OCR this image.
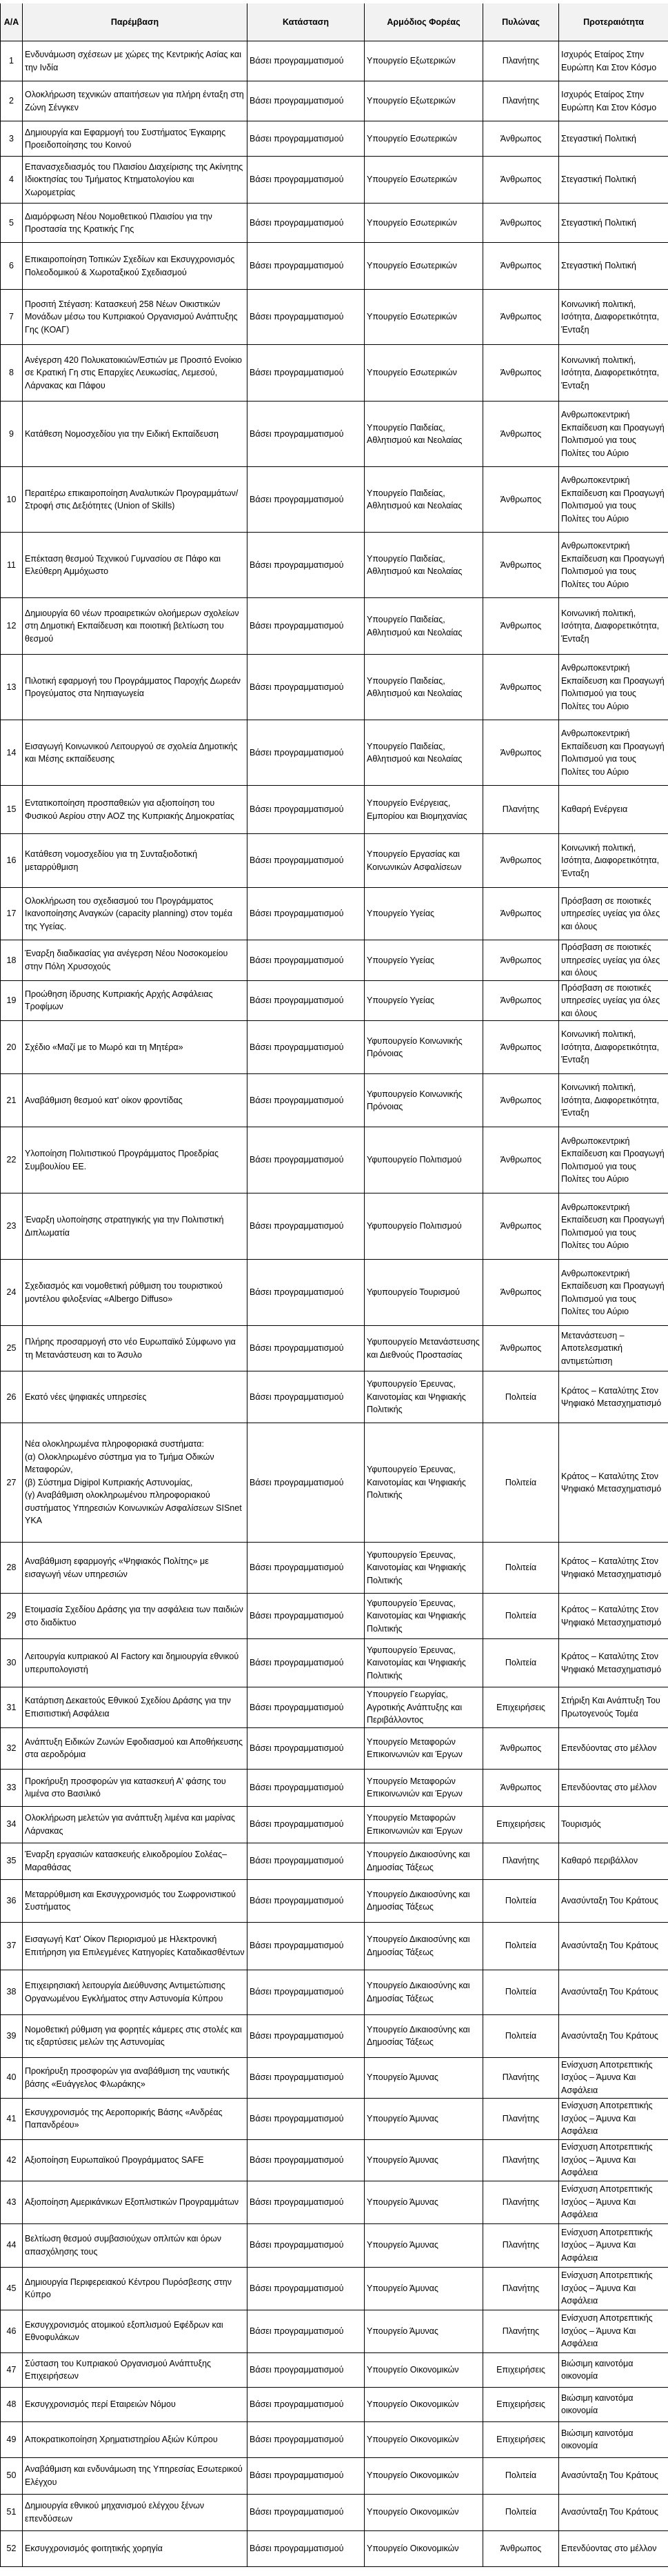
A/A	Παρέμβαση	Κατάσταση	Αρμόδιος Φορέας	Πυλώνας	Προτεραιότητα
1	Ενδυνάμωση σχέσεων με χώρες της Κεντρικής Ασίας και την Ινδία	Βάσει προγραμματισμού	Υπουργείο Εξωτερικών	Πλανήτης	Ισχυρός Εταίρος Στην Ευρώπη Και Στον Κόσμο
2	Ολοκλήρωση τεχνικών απαιτήσεων για πλήρη ένταξη στη Ζώνη Σένγκεν	Βάσει προγραμματισμού	Υπουργείο Εξωτερικών	Πλανήτης	Ισχυρός Εταίρος Στην Ευρώπη Και Στον Κόσμο
3	Δημιουργία και Εφαρμογή του Συστήματος Έγκαιρης Προειδοποίησης του Κοινού	Βάσει προγραμματισμού	Υπουργείο Εσωτερικών	Άνθρωπος	Στεγαστική Πολιτική
4	Επανασχεδιασμός του Πλαισίου Διαχείρισης της Ακίνητης Ιδιοκτησίας του Τμήματος Κτηματολογίου και Χωρομετρίας	Βάσει προγραμματισμού	Υπουργείο Εσωτερικών	Άνθρωπος	Στεγαστική Πολιτική
5	Διαμόρφωση Νέου Νομοθετικού Πλαισίου για την Προστασία της Κρατικής Γης	Βάσει προγραμματισμού	Υπουργείο Εσωτερικών	Άνθρωπος	Στεγαστική Πολιτική
6	Επικαιροποίηση Τοπικών Σχεδίων και Εκσυγχρονισμός Πολεοδομικού & Χωροταξικού Σχεδιασμού	Βάσει προγραμματισμού	Υπουργείο Εσωτερικών	Άνθρωπος	Στεγαστική Πολιτική
7	Προσιτή Στέγαση: Κατασκευή 258 Νέων Οικιστικών Μονάδων μέσω του Κυπριακού Οργανισμού Ανάπτυξης Γης (ΚΟΑΓ)	Βάσει προγραμματισμού	Υπουργείο Εσωτερικών	Άνθρωπος	Κοινωνική πολιτική, Ισότητα, Διαφορετικότητα, Ένταξη
8	Ανέγερση 420 Πολυκατοικιών/Εστιών με Προσιτό Ενοίκιο σε Κρατική Γη στις Επαρχίες Λευκωσίας, Λεμεσού, Λάρνακας και Πάφου	Βάσει προγραμματισμού	Υπουργείο Εσωτερικών	Άνθρωπος	Κοινωνική πολιτική, Ισότητα, Διαφορετικότητα, Ένταξη
9	Κατάθεση Νομοσχεδίου για την Ειδική Εκπαίδευση	Βάσει προγραμματισμού	Υπουργείο Παιδείας, Αθλητισμού και Νεολαίας	Άνθρωπος	Ανθρωποκεντρική Εκπαίδευση και Προαγωγή Πολιτισμού για τους Πολίτες του Αύριο
10	Περαιτέρω επικαιροποίηση Αναλυτικών Προγραμμάτων/ Στροφή στις Δεξιότητες (Union of Skills)	Βάσει προγραμματισμού	Υπουργείο Παιδείας, Αθλητισμού και Νεολαίας	Άνθρωπος	Ανθρωποκεντρική Εκπαίδευση και Προαγωγή Πολιτισμού για τους Πολίτες του Αύριο
11	Επέκταση θεσμού Τεχνικού Γυμνασίου σε Πάφο και Ελεύθερη Αμμόχωστο	Βάσει προγραμματισμού	Υπουργείο Παιδείας, Αθλητισμού και Νεολαίας	Άνθρωπος	Ανθρωποκεντρική Εκπαίδευση και Προαγωγή Πολιτισμού για τους Πολίτες του Αύριο
12	Δημιουργία 60 νέων προαιρετικών ολοήμερων σχολείων στη Δημοτική Εκπαίδευση και ποιοτική βελτίωση του θεσμού	Βάσει προγραμματισμού	Υπουργείο Παιδείας, Αθλητισμού και Νεολαίας	Άνθρωπος	Κοινωνική πολιτική, Ισότητα, Διαφορετικότητα, Ένταξη
13	Πιλοτική εφαρμογή του Προγράμματος Παροχής Δωρεάν Προγεύματος στα Νηπιαγωγεία	Βάσει προγραμματισμού	Υπουργείο Παιδείας, Αθλητισμού και Νεολαίας	Άνθρωπος	Ανθρωποκεντρική Εκπαίδευση και Προαγωγή Πολιτισμού για τους Πολίτες του Αύριο
14	Εισαγωγή Κοινωνικού Λειτουργού σε σχολεία Δημοτικής και Μέσης εκπαίδευσης	Βάσει προγραμματισμού	Υπουργείο Παιδείας, Αθλητισμού και Νεολαίας	Άνθρωπος	Ανθρωποκεντρική Εκπαίδευση και Προαγωγή Πολιτισμού για τους Πολίτες του Αύριο
15	Εντατικοποίηση προσπαθειών για αξιοποίηση του Φυσικού Αερίου στην ΑΟΖ της Κυπριακής Δημοκρατίας	Βάσει προγραμματισμού	Υπουργείο Ενέργειας, Εμπορίου και Βιομηχανίας	Πλανήτης	Καθαρή Ενέργεια
16	Κατάθεση νομοσχεδίου για τη Συνταξιοδοτική μεταρρύθμιση	Βάσει προγραμματισμού	Υπουργείο Εργασίας και Κοινωνικών Ασφαλίσεων	Άνθρωπος	Κοινωνική πολιτική, Ισότητα, Διαφορετικότητα, Ένταξη
17	Ολοκλήρωση του σχεδιασμού του Προγράμματος Ικανοποίησης Αναγκών (capacity planning) στον τομέα της Υγείας.	Βάσει προγραμματισμού	Υπουργείο Υγείας	Άνθρωπος	Πρόσβαση σε ποιοτικές υπηρεσίες υγείας για όλες και όλους
18	Έναρξη διαδικασίας για ανέγερση Νέου Νοσοκομείου στην Πόλη Χρυσοχούς	Βάσει προγραμματισμού	Υπουργείο Υγείας	Άνθρωπος	Πρόσβαση σε ποιοτικές υπηρεσίες υγείας για όλες και όλους
19	Προώθηση ίδρυσης Κυπριακής Αρχής Ασφάλειας Τροφίμων	Βάσει προγραμματισμού	Υπουργείο Υγείας	Άνθρωπος	Πρόσβαση σε ποιοτικές υπηρεσίες υγείας για όλες και όλους
20	Σχέδιο «Μαζί με το Μωρό και τη Μητέρα»	Βάσει προγραμματισμού	Υφυπουργείο Κοινωνικής Πρόνοιας	Άνθρωπος	Κοινωνική πολιτική, Ισότητα, Διαφορετικότητα, Ένταξη
21	Αναβάθμιση θεσμού κατ' οίκον φροντίδας	Βάσει προγραμματισμού	Υφυπουργείο Κοινωνικής Πρόνοιας	Άνθρωπος	Κοινωνική πολιτική, Ισότητα, Διαφορετικότητα, Ένταξη
22	Υλοποίηση Πολιτιστικού Προγράμματος Προεδρίας Συμβουλίου ΕΕ.	Βάσει προγραμματισμού	Υφυπουργείο Πολιτισμού	Άνθρωπος	Ανθρωποκεντρική Εκπαίδευση και Προαγωγή Πολιτισμού για τους Πολίτες του Αύριο
23	Έναρξη υλοποίησης στρατηγικής για την Πολιτιστική Διπλωματία	Βάσει προγραμματισμού	Υφυπουργείο Πολιτισμού	Άνθρωπος	Ανθρωποκεντρική Εκπαίδευση και Προαγωγή Πολιτισμού για τους Πολίτες του Αύριο
24	Σχεδιασμός και νομοθετική ρύθμιση του τουριστικού μοντέλου φιλοξενίας «Albergo Diffuso»	Βάσει προγραμματισμού	Υφυπουργείο Τουρισμού	Άνθρωπος	Ανθρωποκεντρική Εκπαίδευση και Προαγωγή Πολιτισμού για τους Πολίτες του Αύριο
25	Πλήρης προσαρμογή στο νέο Ευρωπαϊκό Σύμφωνο για τη Μετανάστευση και το Άσυλο	Βάσει προγραμματισμού	Υφυπουργείο Μετανάστευσης και Διεθνούς Προστασίας	Άνθρωπος	Μετανάστευση – Αποτελεσματική αντιμετώπιση
26	Εκατό νέες ψηφιακές υπηρεσίες	Βάσει προγραμματισμού	Υφυπουργείο Έρευνας, Καινοτομίας και Ψηφιακής Πολιτικής	Πολιτεία	Κράτος – Καταλύτης Στον Ψηφιακό Μετασχηματισμό
27	Νέα ολοκληρωμένα πληροφοριακά συστήματα:
(α) Ολοκληρωμένο σύστημα για το Τμήμα Οδικών Μεταφορών,
(β) Σύστημα Digipol Κυπριακής Αστυνομίας,
(γ) Αναβάθμιση ολοκληρωμένου πληροφοριακού συστήματος Υπηρεσιών Κοινωνικών Ασφαλίσεων SISnet ΥΚΑ	Βάσει προγραμματισμού	Υφυπουργείο Έρευνας, Καινοτομίας και Ψηφιακής Πολιτικής	Πολιτεία	Κράτος – Καταλύτης Στον Ψηφιακό Μετασχηματισμό
28	Αναβάθμιση εφαρμογής «Ψηφιακός Πολίτης» με εισαγωγή νέων υπηρεσιών	Βάσει προγραμματισμού	Υφυπουργείο Έρευνας, Καινοτομίας και Ψηφιακής Πολιτικής	Πολιτεία	Κράτος – Καταλύτης Στον Ψηφιακό Μετασχηματισμό
29	Ετοιμασία Σχεδίου Δράσης για την ασφάλεια των παιδιών στο διαδίκτυο	Βάσει προγραμματισμού	Υφυπουργείο Έρευνας, Καινοτομίας και Ψηφιακής Πολιτικής	Πολιτεία	Κράτος – Καταλύτης Στον Ψηφιακό Μετασχηματισμό
30	Λειτουργία κυπριακού AI Factory και δημιουργία εθνικού υπερυπολογιστή	Βάσει προγραμματισμού	Υφυπουργείο Έρευνας, Καινοτομίας και Ψηφιακής Πολιτικής	Πολιτεία	Κράτος – Καταλύτης Στον Ψηφιακό Μετασχηματισμό
31	Κατάρτιση Δεκαετούς Εθνικού Σχεδίου Δράσης για την Επισιτιστική Ασφάλεια	Βάσει προγραμματισμού	Υπουργείο Γεωργίας, Αγροτικής Ανάπτυξης και Περιβάλλοντος	Επιχειρήσεις	Στήριξη Και Ανάπτυξη Του Πρωτογενούς Τομέα
32	Ανάπτυξη Ειδικών Ζωνών Εφοδιασμού και Αποθήκευσης στα αεροδρόμια	Βάσει προγραμματισμού	Υπουργείο Μεταφορών Επικοινωνιών και Έργων	Άνθρωπος	Επενδύοντας στο μέλλον
33	Προκήρυξη προσφορών για κατασκευή Α' φάσης του λιμένα στο Βασιλικό	Βάσει προγραμματισμού	Υπουργείο Μεταφορών Επικοινωνιών και Έργων	Άνθρωπος	Επενδύοντας στο μέλλον
34	Ολοκλήρωση μελετών για ανάπτυξη λιμένα και μαρίνας Λάρνακας	Βάσει προγραμματισμού	Υπουργείο Μεταφορών Επικοινωνιών και Έργων	Επιχειρήσεις	Τουρισμός
35	Έναρξη εργασιών κατασκευής ελικοδρομίου Σολέας–Μαραθάσας	Βάσει προγραμματισμού	Υπουργείο Δικαιοσύνης και Δημοσίας Τάξεως	Πλανήτης	Καθαρό περιβάλλον
36	Μεταρρύθμιση και Εκσυγχρονισμός του Σωφρονιστικού Συστήματος	Βάσει προγραμματισμού	Υπουργείο Δικαιοσύνης και Δημοσίας Τάξεως	Πολιτεία	Ανασύνταξη Του Κράτους
37	Εισαγωγή Κατ' Οίκον Περιορισμού με Ηλεκτρονική Επιτήρηση για Επιλεγμένες Κατηγορίες Καταδικασθέντων	Βάσει προγραμματισμού	Υπουργείο Δικαιοσύνης και Δημοσίας Τάξεως	Πολιτεία	Ανασύνταξη Του Κράτους
38	Επιχειρησιακή λειτουργία Διεύθυνσης Αντιμετώπισης Οργανωμένου Εγκλήματος στην Αστυνομία Κύπρου	Βάσει προγραμματισμού	Υπουργείο Δικαιοσύνης και Δημοσίας Τάξεως	Πολιτεία	Ανασύνταξη Του Κράτους
39	Νομοθετική ρύθμιση για φορητές κάμερες στις στολές και τις εξαρτύσεις μελών της Αστυνομίας	Βάσει προγραμματισμού	Υπουργείο Δικαιοσύνης και Δημοσίας Τάξεως	Πολιτεία	Ανασύνταξη Του Κράτους
40	Προκήρυξη προσφορών για αναβάθμιση της ναυτικής βάσης «Ευάγγελος Φλωράκης»	Βάσει προγραμματισμού	Υπουργείο Άμυνας	Πλανήτης	Ενίσχυση Αποτρεπτικής Ισχύος – Άμυνα Και Ασφάλεια
41	Εκσυγχρονισμός της Αεροπορικής Βάσης «Ανδρέας Παπανδρέου»	Βάσει προγραμματισμού	Υπουργείο Άμυνας	Πλανήτης	Ενίσχυση Αποτρεπτικής Ισχύος – Άμυνα Και Ασφάλεια
42	Αξιοποίηση Ευρωπαϊκού Προγράμματος SAFE	Βάσει προγραμματισμού	Υπουργείο Άμυνας	Πλανήτης	Ενίσχυση Αποτρεπτικής Ισχύος – Άμυνα Και Ασφάλεια
43	Αξιοποίηση Αμερικάνικων Εξοπλιστικών Προγραμμάτων	Βάσει προγραμματισμού	Υπουργείο Άμυνας	Πλανήτης	Ενίσχυση Αποτρεπτικής Ισχύος – Άμυνα Και Ασφάλεια
44	Βελτίωση θεσμού συμβασιούχων οπλιτών και όρων απασχόλησης τους	Βάσει προγραμματισμού	Υπουργείο Άμυνας	Πλανήτης	Ενίσχυση Αποτρεπτικής Ισχύος – Άμυνα Και Ασφάλεια
45	Δημιουργία Περιφερειακού Κέντρου Πυρόσβεσης στην Κύπρο	Βάσει προγραμματισμού	Υπουργείο Άμυνας	Πλανήτης	Ενίσχυση Αποτρεπτικής Ισχύος – Άμυνα Και Ασφάλεια
46	Εκσυγχρονισμός ατομικού εξοπλισμού Εφέδρων και Εθνοφυλάκων	Βάσει προγραμματισμού	Υπουργείο Άμυνας	Πλανήτης	Ενίσχυση Αποτρεπτικής Ισχύος – Άμυνα Και Ασφάλεια
47	Σύσταση του Κυπριακού Οργανισμού Ανάπτυξης Επιχειρήσεων	Βάσει προγραμματισμού	Υπουργείο Οικονομικών	Επιχειρήσεις	Βιώσιμη καινοτόμα οικονομία
48	Εκσυγχρονισμός περί Εταιρειών Νόμου	Βάσει προγραμματισμού	Υπουργείο Οικονομικών	Επιχειρήσεις	Βιώσιμη καινοτόμα οικονομία
49	Αποκρατικοποίηση Χρηματιστηρίου Αξιών Κύπρου	Βάσει προγραμματισμού	Υπουργείο Οικονομικών	Επιχειρήσεις	Βιώσιμη καινοτόμα οικονομία
50	Αναβάθμιση και ενδυνάμωση της Υπηρεσίας Εσωτερικού Ελέγχου	Βάσει προγραμματισμού	Υπουργείο Οικονομικών	Πολιτεία	Ανασύνταξη Του Κράτους
51	Δημιουργία εθνικού μηχανισμού ελέγχου ξένων επενδύσεων	Βάσει προγραμματισμού	Υπουργείο Οικονομικών	Πολιτεία	Ανασύνταξη Του Κράτους
52	Εκσυγχρονισμός φοιτητικής χορηγία	Βάσει προγραμματισμού	Υπουργείο Οικονομικών	Άνθρωπος	Επενδύοντας στο μέλλον
